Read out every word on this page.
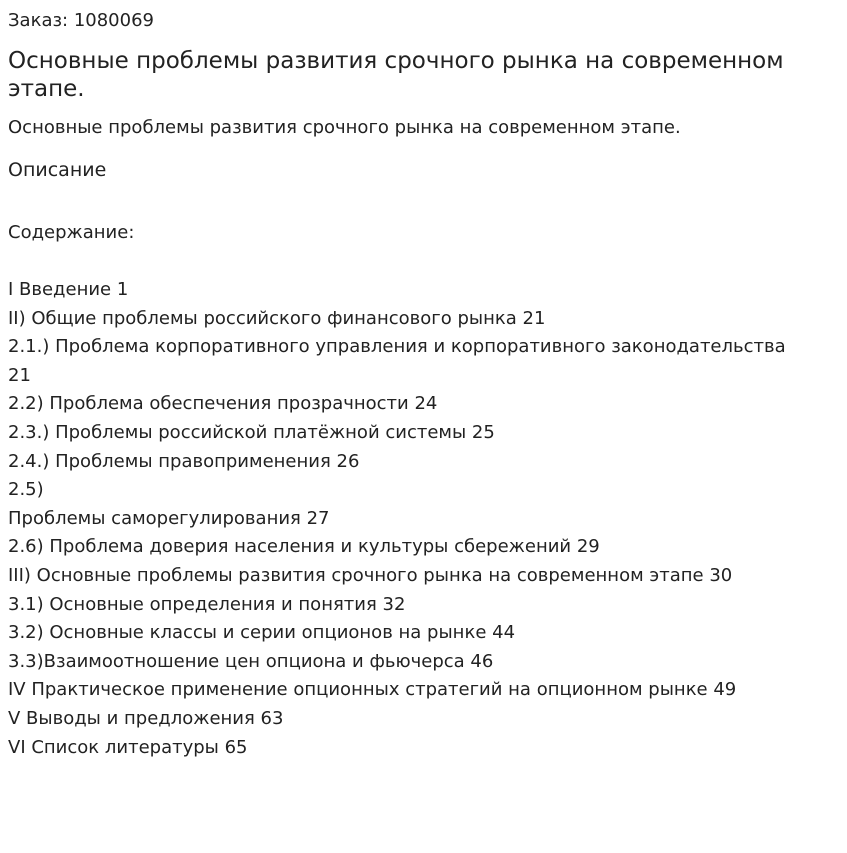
Заказ: 1080069
Основные проблемы развития срочного рынка на современном этапе.
Основные проблемы развития срочного рынка на современном этапе.
Описание
Содержание:
I Введение 1
II) Общие проблемы российского финансового рынка 21
2.1.) Проблема корпоративного управления и корпоративного законодательства
21
2.2) Проблема обеспечения прозрачности 24
2.3.) Проблемы российской платёжной системы 25
2.4.) Проблемы правоприменения 26
2.5)
Проблемы саморегулирования 27
2.6) Проблема доверия населения и культуры сбережений 29
III) Основные проблемы развития срочного рынка на современном этапе 30
3.1) Основные определения и понятия 32
3.2) Основные классы и серии опционов на рынке 44
3.3)Взаимоотношение цен опциона и фьючерса 46
IV Практическое применение опционных стратегий на опционном рынке 49
V Выводы и предложения 63
VI Список литературы 65
